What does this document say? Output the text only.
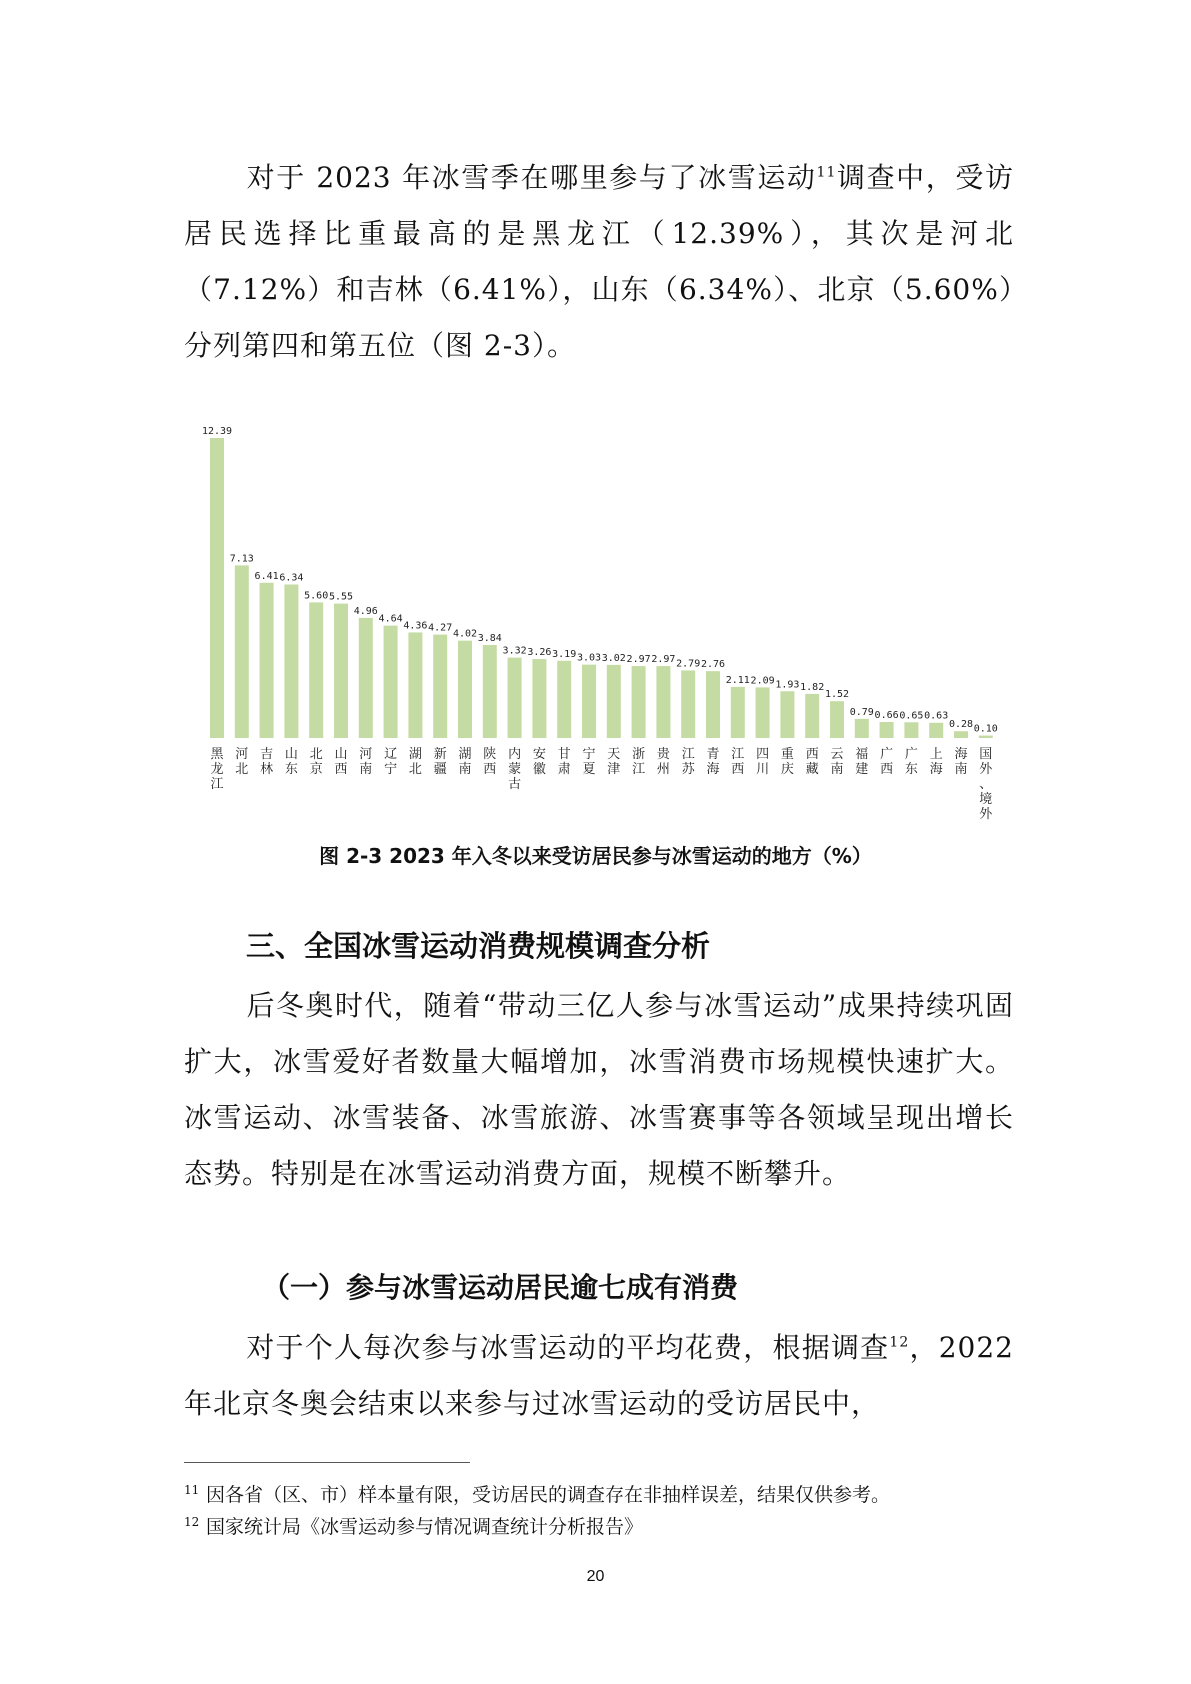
对于 2023 年冰雪季在哪里参与了冰雪运动$^{11}$调查中，受访居民选择比重最高的是黑龙江（12.39%），其次是河北（7.12%）和吉林（6.41%），山东（6.34%）、北京（5.60%）分列第四和第五位（图 2-3）。

12.39
黑龙江
7.13
河北
6.41
吉林
6.34
山东
5.60
北京
5.55
山西
4.96
河南
4.64
辽宁
4.36
湖北
4.27
新疆
4.02
湖南
3.84
陕西
3.32
内蒙古
3.26
安徽
3.19
甘肃
3.03
宁夏
3.02
天津
2.97
浙江
2.97
贵州
2.79
江苏
2.76
青海
2.11
江西
2.09
四川
1.93
重庆
1.82
西藏
1.52
云南
0.79
福建
0.66
广西
0.65
广东
0.63
上海
0.28
海南
0.10
国外、境外
图 2-3 2023 年入冬以来受访居民参与冰雪运动的地方（%）
三、全国冰雪运动消费规模调查分析

后冬奥时代，随着“带动三亿人参与冰雪运动”成果持续巩固扩大，冰雪爱好者数量大幅增加，冰雪消费市场规模快速扩大。冰雪运动、冰雪装备、冰雪旅游、冰雪赛事等各领域呈现出增长态势。特别是在冰雪运动消费方面，规模不断攀升。

（一）参与冰雪运动居民逾七成有消费

对于个人每次参与冰雪运动的平均花费，根据调查$^{12}$，2022 年北京冬奥会结束以来参与过冰雪运动的受访居民中，

11 因各省（区、市）样本量有限，受访居民的调查存在非抽样误差，结果仅供参考。
12 国家统计局《冰雪运动参与情况调查统计分析报告》
20
